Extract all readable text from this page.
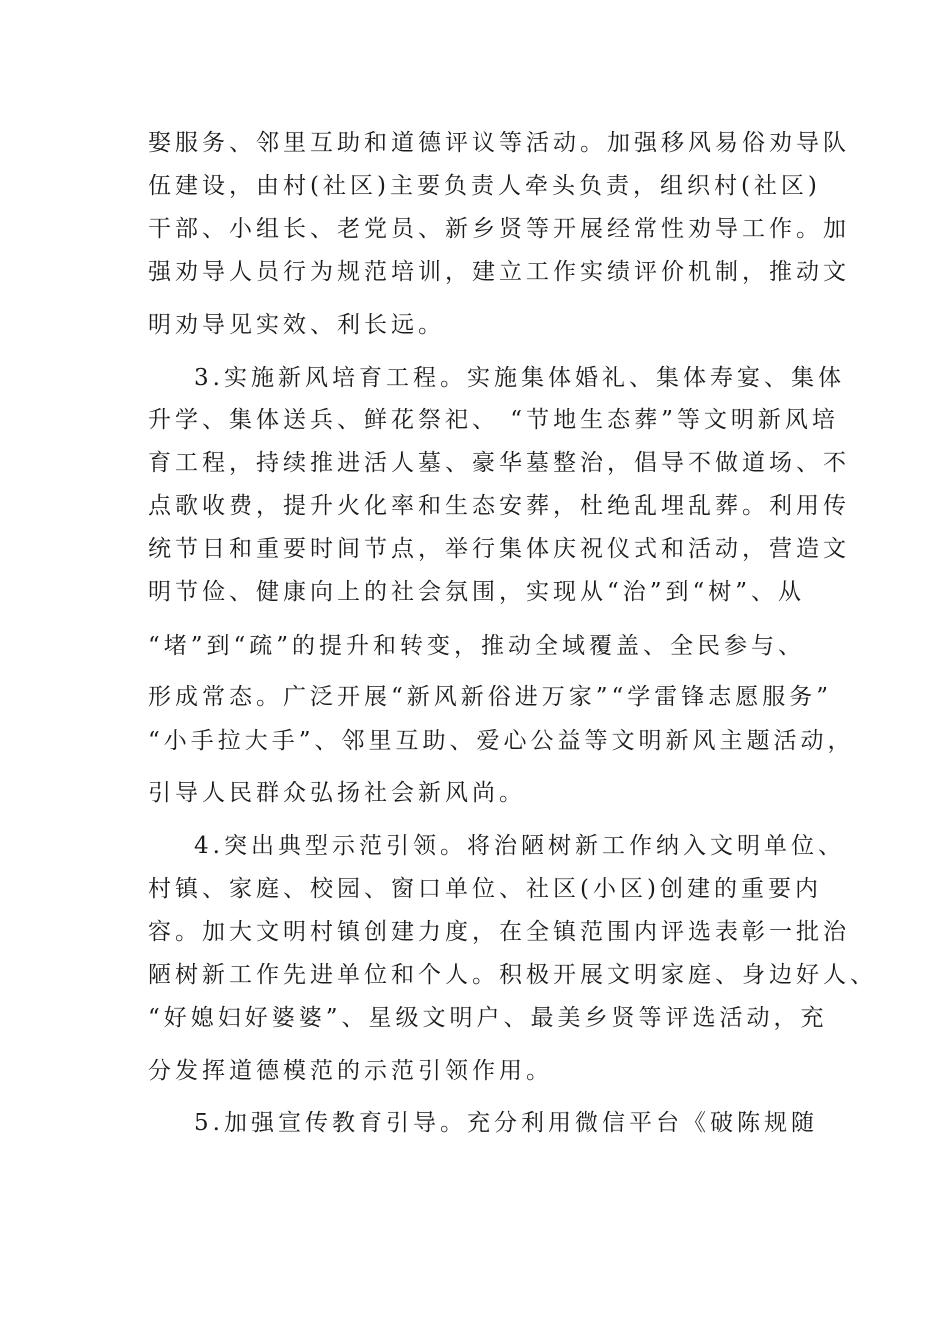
娶服务、邻里互助和道德评议等活动。加强移风易俗劝导队
伍建设，由村(社区)主要负责人牵头负责，组织村(社区)
干部、小组长、老党员、新乡贤等开展经常性劝导工作。加
强劝导人员行为规范培训，建立工作实绩评价机制，推动文
明劝导见实效、利长远。
3.实施新风培育工程。实施集体婚礼、集体寿宴、集体
升学、集体送兵、鲜花祭祀、 “节地生态葬”等文明新风培
育工程，持续推进活人墓、豪华墓整治，倡导不做道场、不
点歌收费，提升火化率和生态安葬，杜绝乱埋乱葬。利用传
统节日和重要时间节点，举行集体庆祝仪式和活动，营造文
明节俭、健康向上的社会氛围，实现从“治”到“树”、从
“堵”到“疏”的提升和转变，推动全域覆盖、全民参与、
形成常态。广泛开展“新风新俗进万家”“学雷锋志愿服务”
“小手拉大手”、邻里互助、爱心公益等文明新风主题活动，
引导人民群众弘扬社会新风尚。
4.突出典型示范引领。将治陋树新工作纳入文明单位、
村镇、家庭、校园、窗口单位、社区(小区)创建的重要内
容。加大文明村镇创建力度，在全镇范围内评选表彰一批治
陋树新工作先进单位和个人。积极开展文明家庭、身边好人、
“好媳妇好婆婆”、星级文明户、最美乡贤等评选活动，充
分发挥道德模范的示范引领作用。
5.加强宣传教育引导。充分利用微信平台《破陈规随
